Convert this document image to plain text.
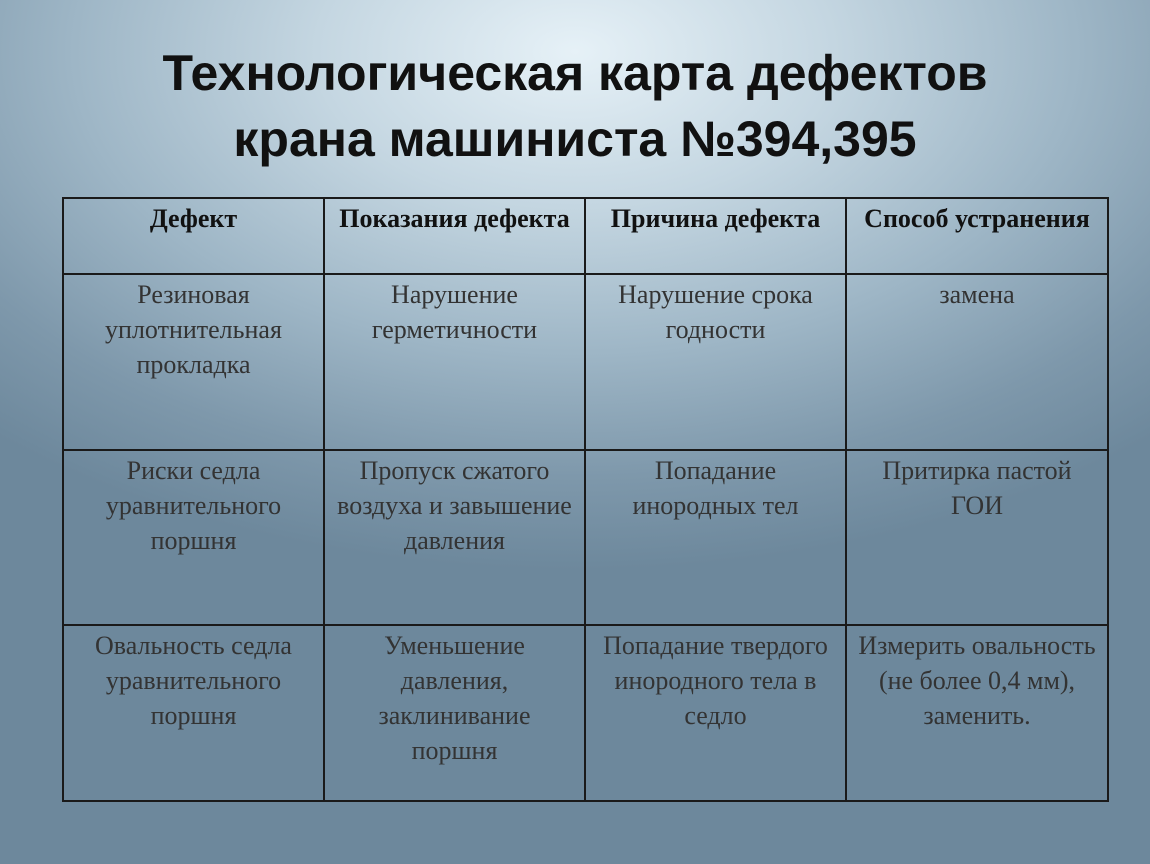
Технологическая карта дефектов
крана машиниста №394,395
Дефект	Показания дефекта	Причина дефекта	Способ устранения
Резиновая уплотнительная прокладка	Нарушение герметичности	Нарушение срока годности	замена
Риски седла уравнительного поршня	Пропуск сжатого воздуха и завышение давления	Попадание инородных тел	Притирка пастой ГОИ
Овальность седла уравнительного поршня	Уменьшение давления, заклинивание поршня	Попадание твердого инородного тела в седло	Измерить овальность (не более 0,4 мм), заменить.
